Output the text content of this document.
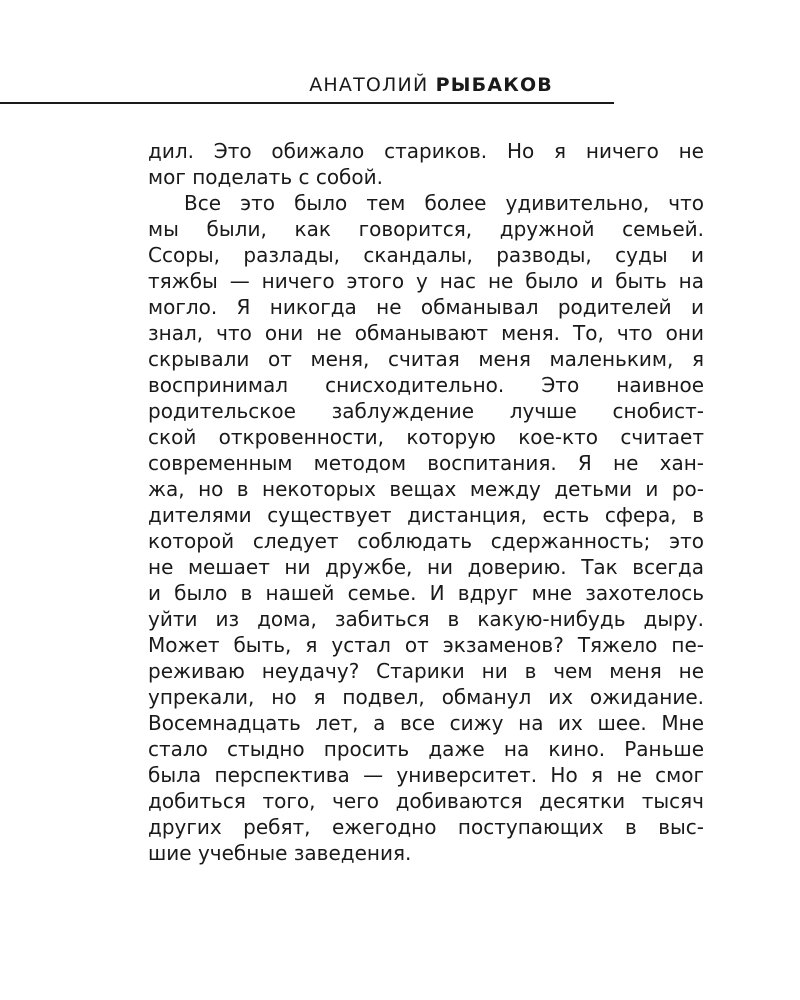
АНАТОЛИЙ РЫБАКОВ
дил. Это обижало стариков. Но я ничего не
мог поделать с собой.
Все это было тем более удивительно, что
мы были, как говорится, дружной семьей.
Ссоры, разлады, скандалы, разводы, суды и
тяжбы — ничего этого у нас не было и быть на
могло. Я никогда не обманывал родителей и
знал, что они не обманывают меня. То, что они
скрывали от меня, считая меня маленьким, я
воспринимал снисходительно. Это наивное
родительское заблуждение лучше снобист-
ской откровенности, которую кое-кто считает
современным методом воспитания. Я не хан-
жа, но в некоторых вещах между детьми и ро-
дителями существует дистанция, есть сфера, в
которой следует соблюдать сдержанность; это
не мешает ни дружбе, ни доверию. Так всегда
и было в нашей семье. И вдруг мне захотелось
уйти из дома, забиться в какую-нибудь дыру.
Может быть, я устал от экзаменов? Тяжело пе-
реживаю неудачу? Старики ни в чем меня не
упрекали, но я подвел, обманул их ожидание.
Восемнадцать лет, а все сижу на их шее. Мне
стало стыдно просить даже на кино. Раньше
была перспектива — университет. Но я не смог
добиться того, чего добиваются десятки тысяч
других ребят, ежегодно поступающих в выс-
шие учебные заведения.
